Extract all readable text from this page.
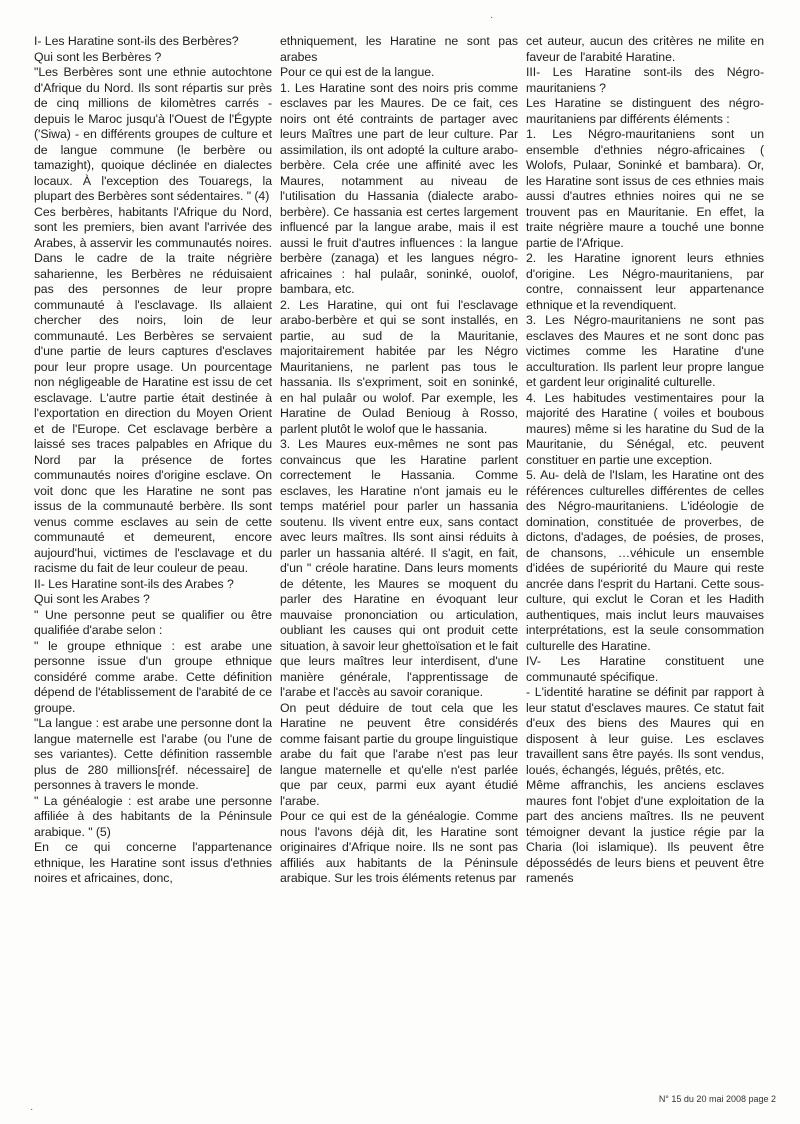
I- Les Haratine sont-ils des Berbères?

Qui sont les Berbères ?

"Les Berbères sont une ethnie autochtone d'Afrique du Nord. Ils sont répartis sur près de cinq millions de kilomètres carrés - depuis le Maroc jusqu'à l'Ouest de l'Égypte ('Siwa) - en différents groupes de culture et de langue commune (le berbère ou tamazight), quoique déclinée en dialectes locaux. À l'exception des Touaregs, la plupart des Berbères sont sédentaires. " (4)

Ces berbères, habitants l'Afrique du Nord, sont les premiers, bien avant l'arrivée des Arabes, à asservir les communautés noires. Dans le cadre de la traite négrière saharienne, les Berbères ne réduisaient pas des personnes de leur propre communauté à l'esclavage. Ils allaient chercher des noirs, loin de leur communauté. Les Berbères se servaient d'une partie de leurs captures d'esclaves pour leur propre usage. Un pourcentage non négligeable de Haratine est issu de cet esclavage. L'autre partie était destinée à l'exportation en direction du Moyen Orient et de l'Europe. Cet esclavage berbère a laissé ses traces palpables en Afrique du Nord par la présence de fortes communautés noires d'origine esclave. On voit donc que les Haratine ne sont pas issus de la communauté berbère. Ils sont venus comme esclaves au sein de cette communauté et demeurent, encore aujourd'hui, victimes de l'esclavage et du racisme du fait de leur couleur de peau.

II- Les Haratine sont-ils des Arabes ?

Qui sont les Arabes ?

" Une personne peut se qualifier ou être qualifiée d'arabe selon :

" le groupe ethnique : est arabe une personne issue d'un groupe ethnique considéré comme arabe. Cette définition dépend de l'établissement de l'arabité de ce groupe.

"La langue : est arabe une personne dont la langue maternelle est l'arabe (ou l'une de ses variantes). Cette définition rassemble plus de 280 millions[réf. nécessaire] de personnes à travers le monde.

" La généalogie : est arabe une personne affiliée à des habitants de la Péninsule arabique. " (5)

En ce qui concerne l'appartenance ethnique, les Haratine sont issus d'ethnies noires et africaines, donc,

ethniquement, les Haratine ne sont pas arabes

Pour ce qui est de la langue.

1. Les Haratine sont des noirs pris comme esclaves par les Maures. De ce fait, ces noirs ont été contraints de partager avec leurs Maîtres une part de leur culture. Par assimilation, ils ont adopté la culture arabo-berbère. Cela crée une affinité avec les Maures, notamment au niveau de l'utilisation du Hassania (dialecte arabo-berbère). Ce hassania est certes largement influencé par la langue arabe, mais il est aussi le fruit d'autres influences : la langue berbère (zanaga) et les langues négro-africaines : hal pulaâr, soninké, ouolof, bambara, etc.

2. Les Haratine, qui ont fui l'esclavage arabo-berbère et qui se sont installés, en partie, au sud de la Mauritanie, majoritairement habitée par les Négro Mauritaniens, ne parlent pas tous le hassania. Ils s'expriment, soit en soninké, en hal pulaâr ou wolof. Par exemple, les Haratine de Oulad Benioug à Rosso, parlent plutôt le wolof que le hassania.

3. Les Maures eux-mêmes ne sont pas convaincus que les Haratine parlent correctement le Hassania. Comme esclaves, les Haratine n'ont jamais eu le temps matériel pour parler un hassania soutenu. Ils vivent entre eux, sans contact avec leurs maîtres. Ils sont ainsi réduits à parler un hassania altéré. Il s'agit, en fait, d'un " créole haratine. Dans leurs moments de détente, les Maures se moquent du parler des Haratine en évoquant leur mauvaise prononciation ou articulation, oubliant les causes qui ont produit cette situation, à savoir leur ghettoïsation et le fait que leurs maîtres leur interdisent, d'une manière générale, l'apprentissage de l'arabe et l'accès au savoir coranique.

On peut déduire de tout cela que les Haratine ne peuvent être considérés comme faisant partie du groupe linguistique arabe du fait que l'arabe n'est pas leur langue maternelle et qu'elle n'est parlée que par ceux, parmi eux ayant étudié l'arabe.

Pour ce qui est de la généalogie. Comme nous l'avons déjà dit, les Haratine sont originaires d'Afrique noire. Ils ne sont pas affiliés aux habitants de la Péninsule arabique. Sur les trois éléments retenus par

cet auteur, aucun des critères ne milite en faveur de l'arabité Haratine.

III- Les Haratine sont-ils des Négro-mauritaniens ?

Les Haratine se distinguent des négro-mauritaniens par différents éléments :

1. Les Négro-mauritaniens sont un ensemble d'ethnies négro-africaines ( Wolofs, Pulaar, Soninké et bambara). Or, les Haratine sont issus de ces ethnies mais aussi d'autres ethnies noires qui ne se trouvent pas en Mauritanie. En effet, la traite négrière maure a touché une bonne partie de l'Afrique.

2. les Haratine ignorent leurs ethnies d'origine. Les Négro-mauritaniens, par contre, connaissent leur appartenance ethnique et la revendiquent.

3. Les Négro-mauritaniens ne sont pas esclaves des Maures et ne sont donc pas victimes comme les Haratine d'une acculturation. Ils parlent leur propre langue et gardent leur originalité culturelle.

4. Les habitudes vestimentaires pour la majorité des Haratine ( voiles et boubous maures) même si les haratine du Sud de la Mauritanie, du Sénégal, etc. peuvent constituer en partie une exception.

5. Au- delà de l'Islam, les Haratine ont des références culturelles différentes de celles des Négro-mauritaniens. L'idéologie de domination, constituée de proverbes, de dictons, d'adages, de poésies, de proses, de chansons, …véhicule un ensemble d'idées de supériorité du Maure qui reste ancrée dans l'esprit du Hartani. Cette sous-culture, qui exclut le Coran et les Hadith authentiques, mais inclut leurs mauvaises interprétations, est la seule consommation culturelle des Haratine.

IV- Les Haratine constituent une communauté spécifique.

- L'identité haratine se définit par rapport à leur statut d'esclaves maures. Ce statut fait d'eux des biens des Maures qui en disposent à leur guise. Les esclaves travaillent sans être payés. Ils sont vendus, loués, échangés, légués, prêtés, etc.

Même affranchis, les anciens esclaves maures font l'objet d'une exploitation de la part des anciens maîtres. Ils ne peuvent témoigner devant la justice régie par la Charia (loi islamique). Ils peuvent être dépossédés de leurs biens et peuvent être ramenés

N° 15 du 20 mai 2008 page 2
·
·
